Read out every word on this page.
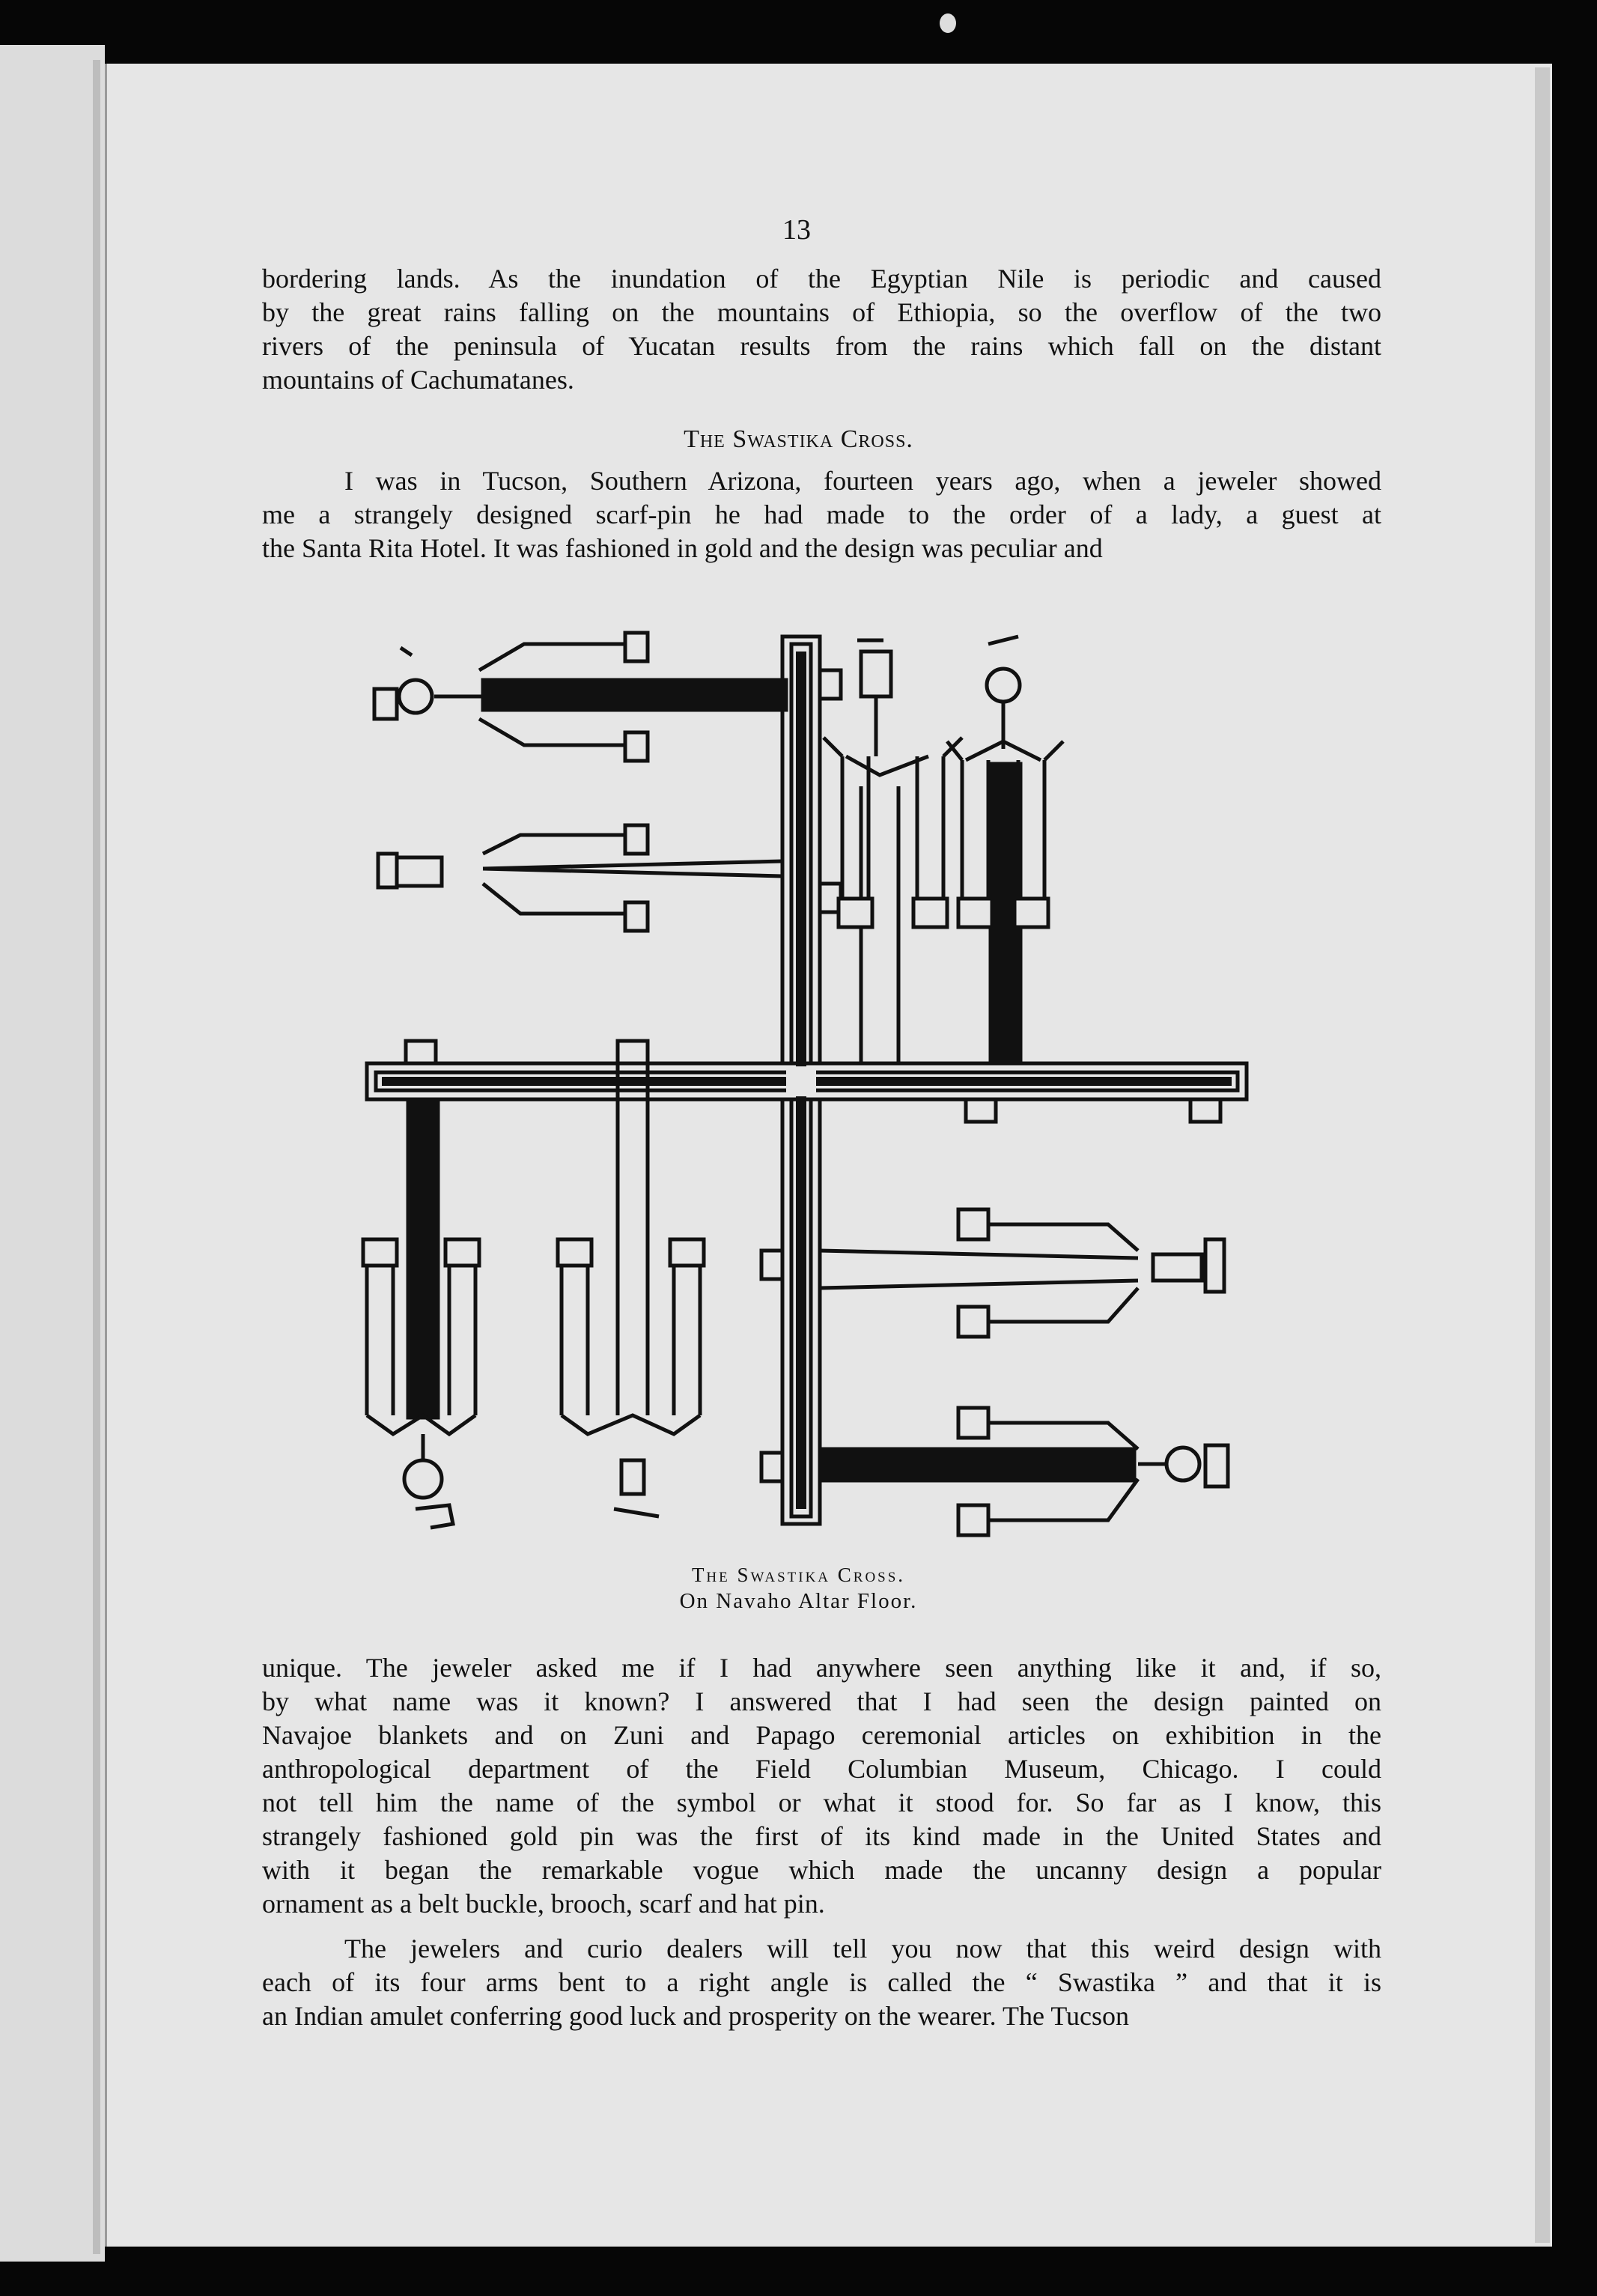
13

bordering lands. As the inundation of the Egyptian Nile is periodic and caused
by the great rains falling on the mountains of Ethiopia, so the overflow of the two
rivers of the peninsula of Yucatan results from the rains which fall on the distant
mountains of Cachumatanes.

The Swastika Cross.

I was in Tucson, Southern Arizona, fourteen years ago, when a jeweler showed
me a strangely designed scarf-pin he had made to the order of a lady, a guest at
the Santa Rita Hotel. It was fashioned in gold and the design was peculiar and

The Swastika Cross.
On Navaho Altar Floor.

unique. The jeweler asked me if I had anywhere seen anything like it and, if so,
by what name was it known? I answered that I had seen the design painted on
Navajoe blankets and on Zuni and Papago ceremonial articles on exhibition in the
anthropological department of the Field Columbian Museum, Chicago. I could
not tell him the name of the symbol or what it stood for. So far as I know, this
strangely fashioned gold pin was the first of its kind made in the United States and
with it began the remarkable vogue which made the uncanny design a popular
ornament as a belt buckle, brooch, scarf and hat pin.

The jewelers and curio dealers will tell you now that this weird design with
each of its four arms bent to a right angle is called the “ Swastika ” and that it is
an Indian amulet conferring good luck and prosperity on the wearer. The Tucson
